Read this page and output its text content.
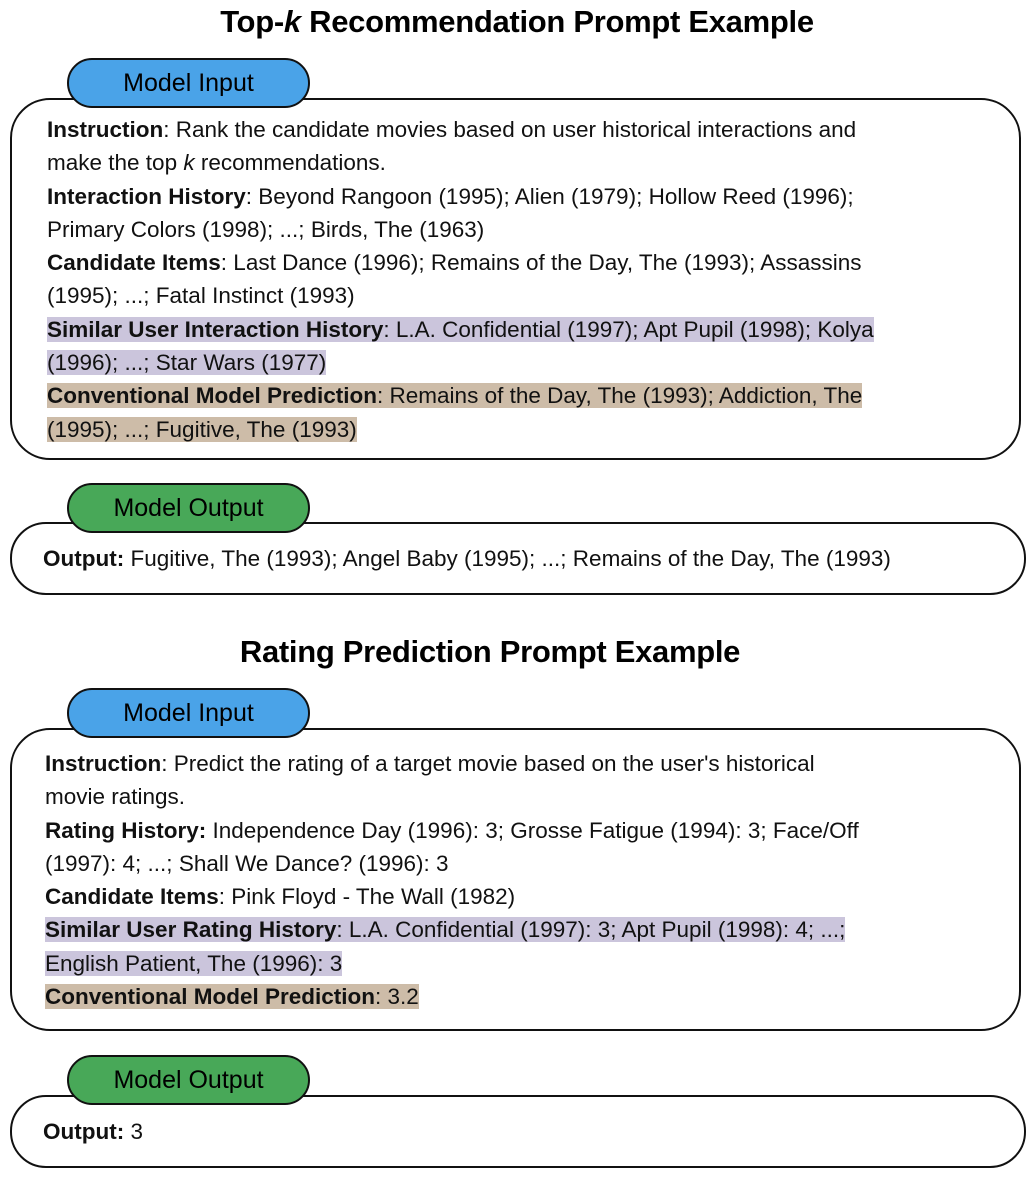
Top-k Recommendation Prompt Example
Model Input
Instruction: Rank the candidate movies based on user historical interactions and
make the top k recommendations.
Interaction History: Beyond Rangoon (1995); Alien (1979); Hollow Reed (1996);
Primary Colors (1998); ...; Birds, The (1963)
Candidate Items: Last Dance (1996); Remains of the Day, The (1993); Assassins
(1995); ...; Fatal Instinct (1993)
Similar User Interaction History: L.A. Confidential (1997); Apt Pupil (1998); Kolya
(1996); ...; Star Wars (1977)
Conventional Model Prediction: Remains of the Day, The (1993); Addiction, The
(1995); ...; Fugitive, The (1993)
Model Output
Output: Fugitive, The (1993); Angel Baby (1995); ...; Remains of the Day, The (1993)
Rating Prediction Prompt Example
Model Input
Instruction: Predict the rating of a target movie based on the user's historical
movie ratings.
Rating History: Independence Day (1996): 3; Grosse Fatigue (1994): 3; Face/Off
(1997): 4; ...; Shall We Dance? (1996): 3
Candidate Items: Pink Floyd - The Wall (1982)
Similar User Rating History: L.A. Confidential (1997): 3; Apt Pupil (1998): 4; ...;
English Patient, The (1996): 3
Conventional Model Prediction: 3.2
Model Output
Output: 3
